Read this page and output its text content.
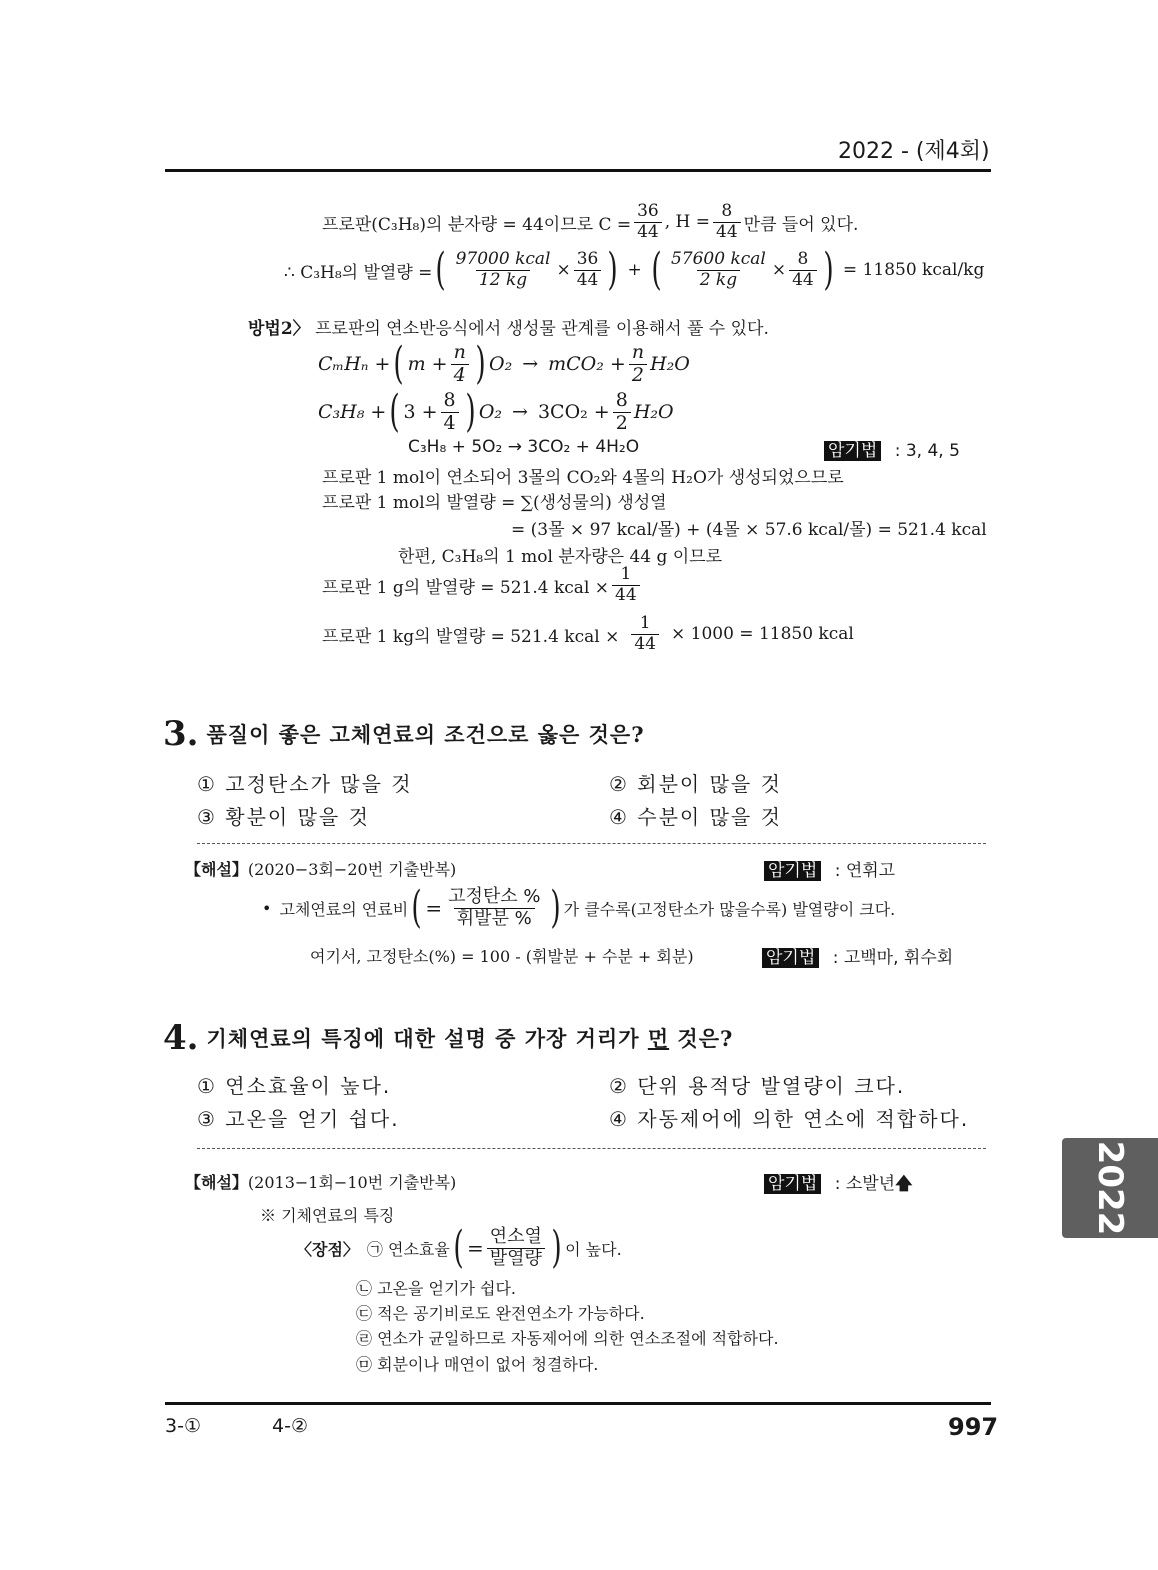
2022 - (제4회)
프로판(C₃H₈)의 분자량 = 44이므로 $C = \frac{36}{44}$ , $H = \frac{8}{44}$ 만큼 들어 있다.
∴ C₃H₈의 발열량 = ( $\frac{\text{97000 kcal}}{12 kg} \times \frac{36}{44}$ ) + ( $\frac{\text{57600 kcal}}{2 kg} \times \frac{8}{44}$ ) = 11850 kcal/kg
방법2〉 프로판의 연소반응식에서 생성물 관계를 이용해서 풀 수 있다.
CₘHₙ + ( $m + \frac{n}{4}$ ) $O_2 \to mCO_2 + \frac{n}{2} H_2O$
C₃H₈ + ( $3 + \frac{8}{4}$ ) $O_2 \to 3CO_2 + \frac{8}{2} H_2O$
C₃H₈ + 5O₂ → 3CO₂ + 4H₂O	암기법 : 3, 4, 5
프로판 1 mol이 연소되어 3몰의 CO₂와 4몰의 H₂O가 생성되었으므로
프로판 1 mol의 발열량 = ∑(생성물의) 생성열
= (3몰 × 97 kcal/몰) + (4몰 × 57.6 kcal/몰) = 521.4 kcal
한편, C₃H₈의 1 mol 분자량은 44 g 이므로
프로판 1 g의 발열량 = 521.4 kcal × $\frac{1}{44}$
프로판 1 kg의 발열량 = 521.4 kcal × $\frac{1}{44} \times 1000 = 11850$ kcal
3. 품질이 좋은 고체연료의 조건으로 옳은 것은?
① 고정탄소가 많을 것	② 회분이 많을 것
③ 황분이 많을 것	④ 수분이 많을 것
【해설】(2020−3회−20번 기출반복)	암기법 : 연휘고
• 고체연료의 연료비 ( = $\frac{\text{고정탄소 \%}}{\text{휘발분 \%}}$ ) 가 클수록(고정탄소가 많을수록) 발열량이 크다.
여기서, 고정탄소(%) = 100 - (휘발분 + 수분 + 회분)	암기법 : 고백마, 휘수회
4. 기체연료의 특징에 대한 설명 중 가장 거리가 먼 것은?
① 연소효율이 높다.	② 단위 용적당 발열량이 크다.
③ 고온을 얻기 쉽다.	④ 자동제어에 의한 연소에 적합하다.
【해설】(2013−1회−10번 기출반복)	암기법 : 소발년🡅
※ 기체연료의 특징
〈장점〉 ㉠ 연소효율 ( = $\frac{\text{연소열}}{\text{발열량}}$ ) 이 높다.
㉡ 고온을 얻기가 쉽다.
㉢ 적은 공기비로도 완전연소가 가능하다.
㉣ 연소가 균일하므로 자동제어에 의한 연소조절에 적합하다.
㉤ 회분이나 매연이 없어 청결하다.
3-①	4-②	997
2022
